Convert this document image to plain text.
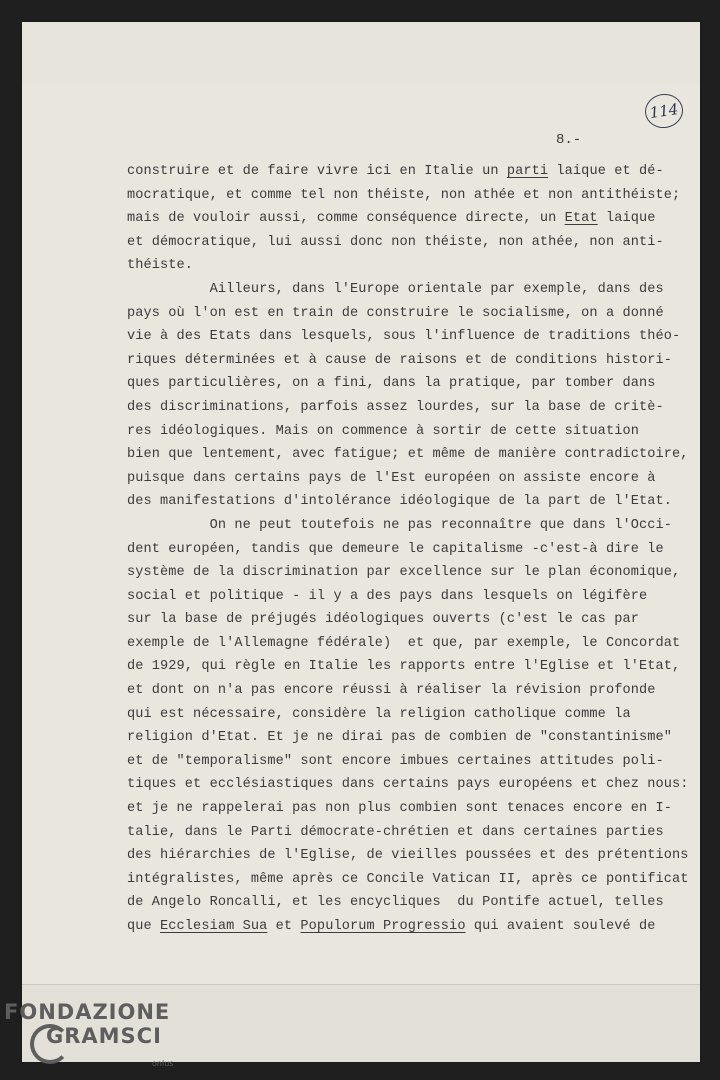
114
8.-
construire et de faire vivre ici en Italie un parti laique et dé-
mocratique, et comme tel non théiste, non athée et non antithéiste;
mais de vouloir aussi, comme conséquence directe, un Etat laique
et démocratique, lui aussi donc non théiste, non athée, non anti-
théiste.
Ailleurs, dans l'Europe orientale par exemple, dans des
pays où l'on est en train de construire le socialisme, on a donné
vie à des Etats dans lesquels, sous l'influence de traditions théo-
riques déterminées et à cause de raisons et de conditions histori-
ques particulières, on a fini, dans la pratique, par tomber dans
des discriminations, parfois assez lourdes, sur la base de critè-
res idéologiques. Mais on commence à sortir de cette situation
bien que lentement, avec fatigue; et même de manière contradictoire,
puisque dans certains pays de l'Est européen on assiste encore à
des manifestations d'intolérance idéologique de la part de l'Etat.
On ne peut toutefois ne pas reconnaître que dans l'Occi-
dent européen, tandis que demeure le capitalisme -c'est-à dire le
système de la discrimination par excellence sur le plan économique,
social et politique - il y a des pays dans lesquels on légifère
sur la base de préjugés idéologiques ouverts (c'est le cas par
exemple de l'Allemagne fédérale)  et que, par exemple, le Concordat
de 1929, qui règle en Italie les rapports entre l'Eglise et l'Etat,
et dont on n'a pas encore réussi à réaliser la révision profonde
qui est nécessaire, considère la religion catholique comme la
religion d'Etat. Et je ne dirai pas de combien de "constantinisme"
et de "temporalisme" sont encore imbues certaines attitudes poli-
tiques et ecclésiastiques dans certains pays européens et chez nous:
et je ne rappelerai pas non plus combien sont tenaces encore en I-
talie, dans le Parti démocrate-chrétien et dans certaines parties
des hiérarchies de l'Eglise, de vieilles poussées et des prétentions
intégralistes, même après ce Concile Vatican II, après ce pontificat
de Angelo Roncalli, et les encycliques  du Pontife actuel, telles
que Ecclesiam Sua et Populorum Progressio qui avaient soulevé de
FONDAZIONE
GRAMSCI
onlus
